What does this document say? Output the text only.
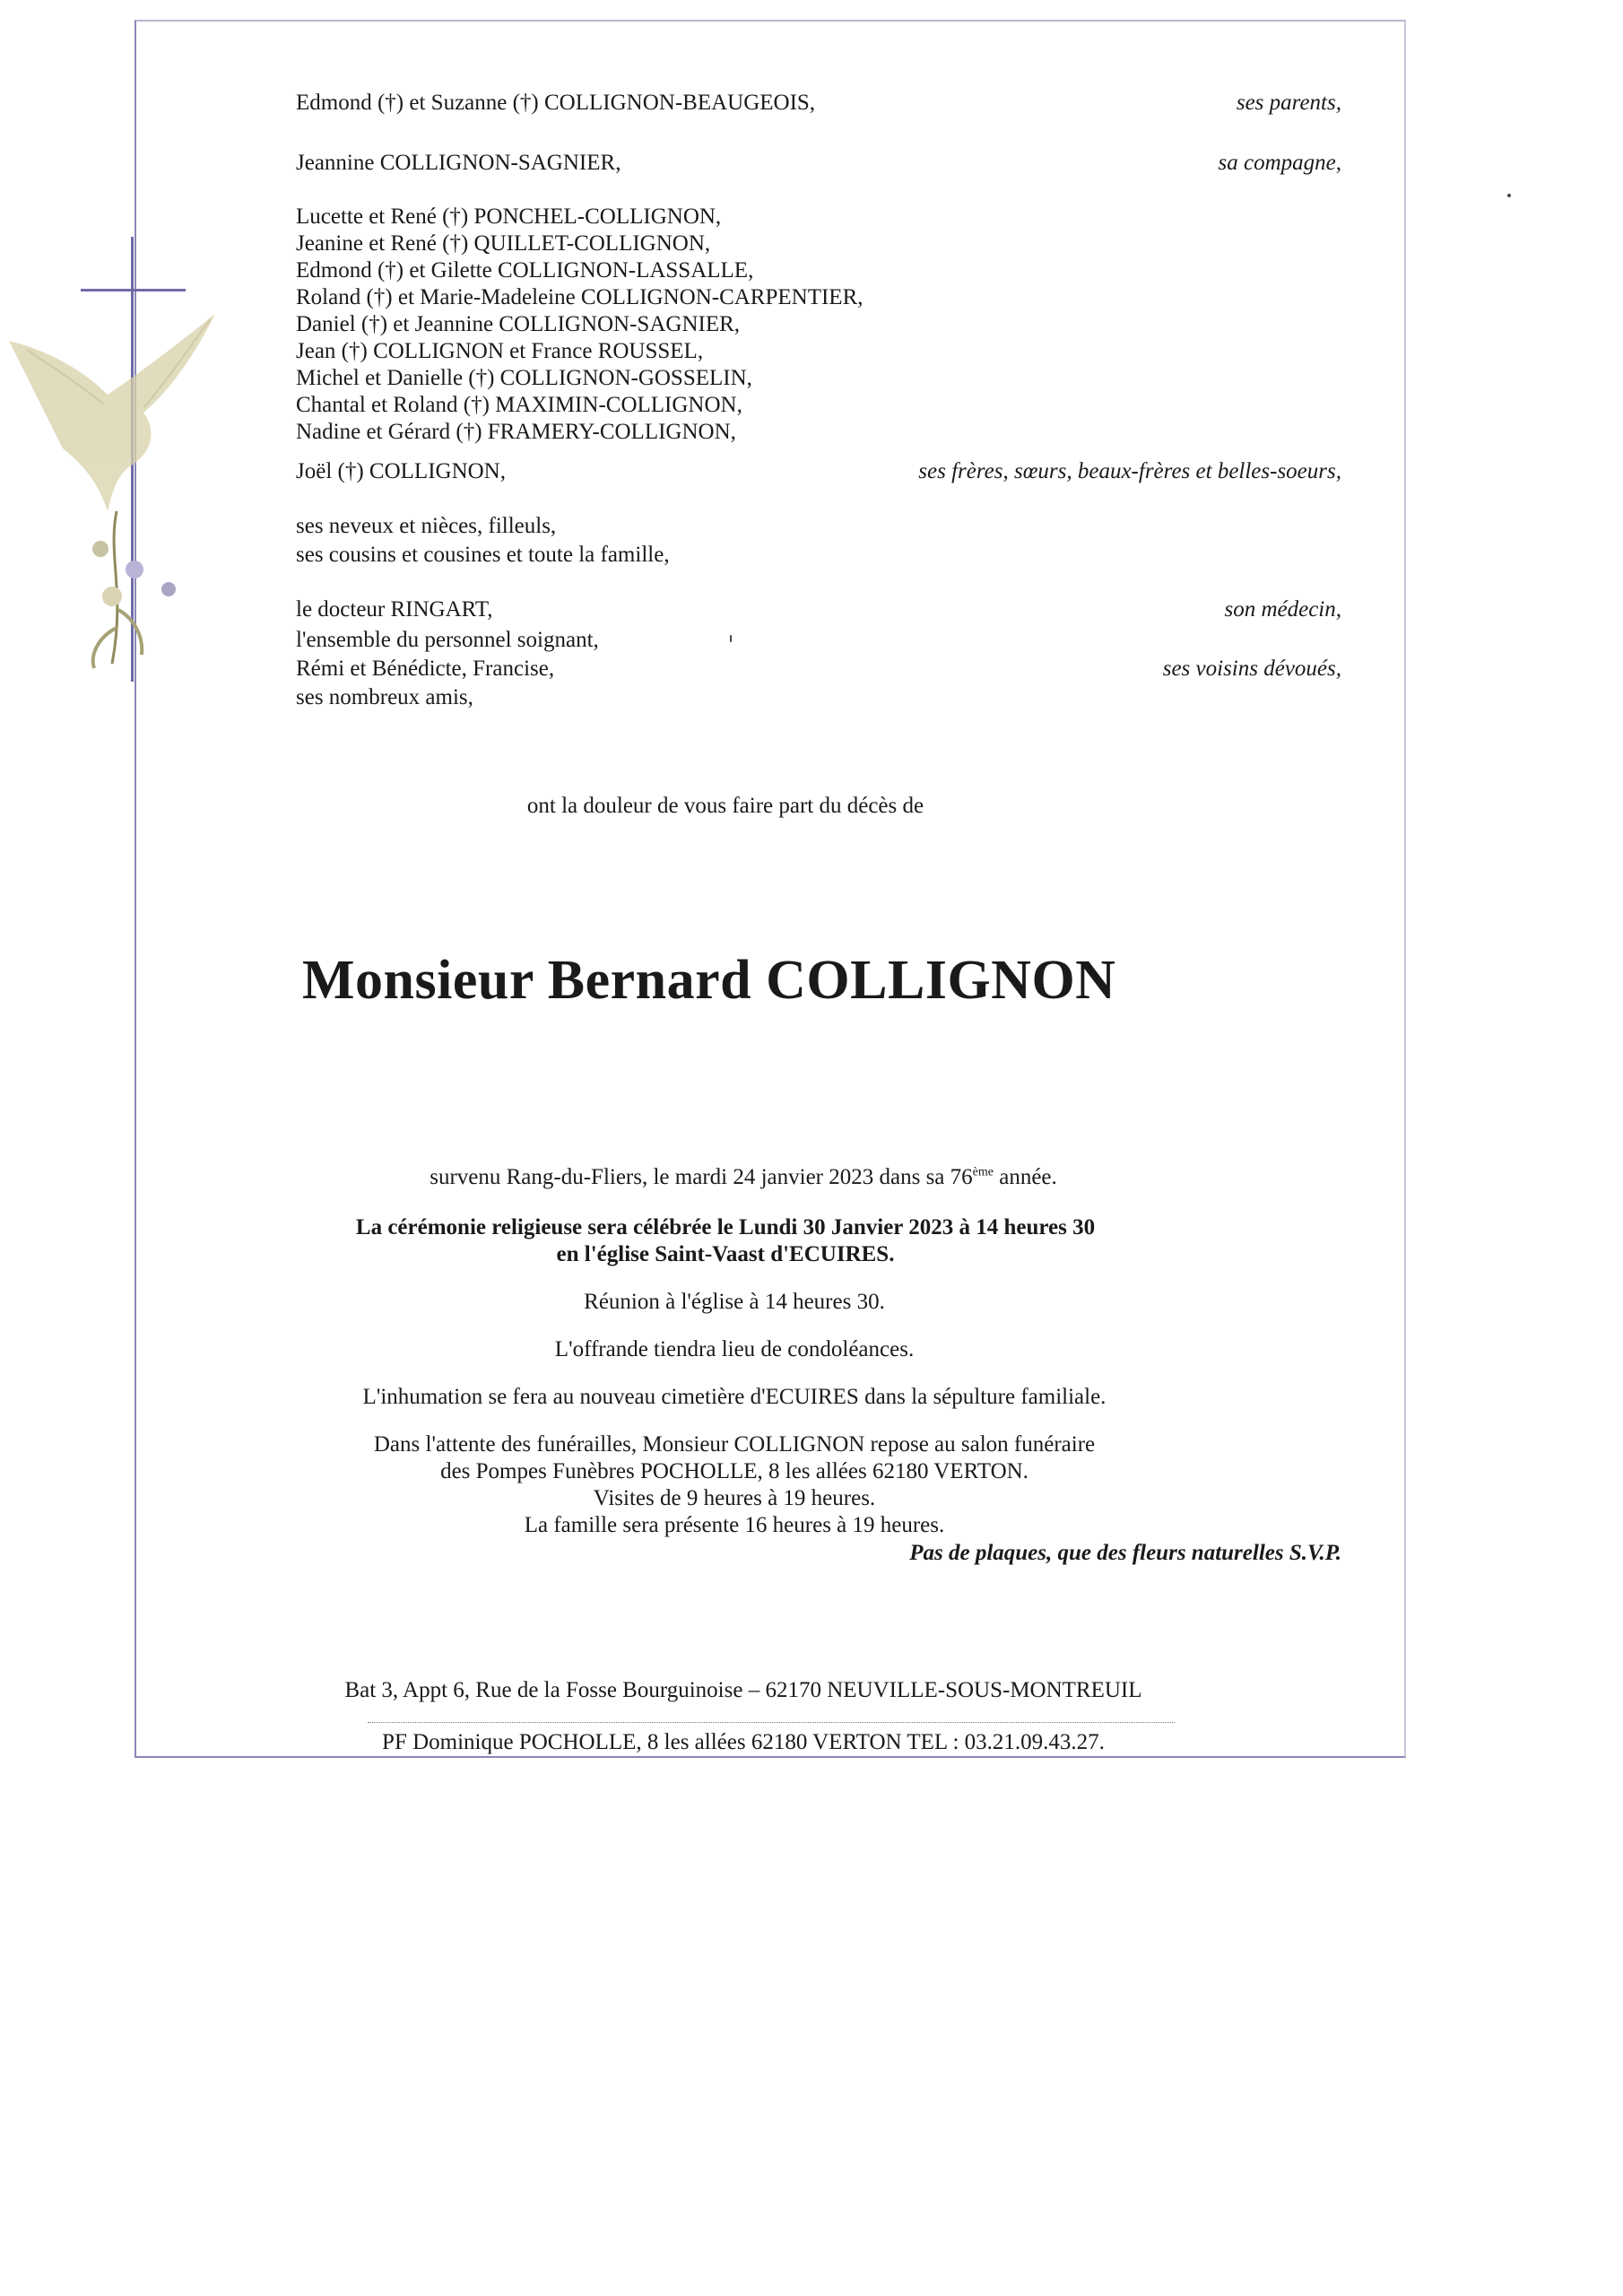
Edmond (†) et Suzanne (†) COLLIGNON-BEAUGEOIS,	ses parents,
Jeannine COLLIGNON-SAGNIER,	sa compagne,
Lucette et René (†) PONCHEL-COLLIGNON,
Jeanine et René (†) QUILLET-COLLIGNON,
Edmond (†) et Gilette COLLIGNON-LASSALLE,
Roland (†) et Marie-Madeleine COLLIGNON-CARPENTIER,
Daniel (†) et Jeannine COLLIGNON-SAGNIER,
Jean (†) COLLIGNON et France ROUSSEL,
Michel et Danielle (†) COLLIGNON-GOSSELIN,
Chantal et Roland (†) MAXIMIN-COLLIGNON,
Nadine et Gérard (†) FRAMERY-COLLIGNON,
Joël (†) COLLIGNON,	ses frères, sœurs, beaux-frères et belles-soeurs,
ses neveux et nièces, filleuls,
ses cousins et cousines et toute la famille,
le docteur RINGART,	son médecin,
l'ensemble du personnel soignant,
Rémi et Bénédicte, Francise,	ses voisins dévoués,
ses nombreux amis,
ont la douleur de vous faire part du décès de
Monsieur Bernard COLLIGNON
survenu Rang-du-Fliers, le mardi 24 janvier 2023 dans sa 76ème année.
La cérémonie religieuse sera célébrée le Lundi 30 Janvier 2023 à 14 heures 30
en l'église Saint-Vaast d'ECUIRES.
Réunion à l'église à 14 heures 30.
L'offrande tiendra lieu de condoléances.
L'inhumation se fera au nouveau cimetière d'ECUIRES dans la sépulture familiale.
Dans l'attente des funérailles, Monsieur COLLIGNON repose au salon funéraire
des Pompes Funèbres POCHOLLE, 8 les allées 62180 VERTON.
Visites de 9 heures à 19 heures.
La famille sera présente 16 heures à 19 heures.
Pas de plaques, que des fleurs naturelles S.V.P.
Bat 3, Appt 6, Rue de la Fosse Bourguinoise – 62170 NEUVILLE-SOUS-MONTREUIL
PF Dominique POCHOLLE, 8 les allées 62180 VERTON TEL : 03.21.09.43.27.
